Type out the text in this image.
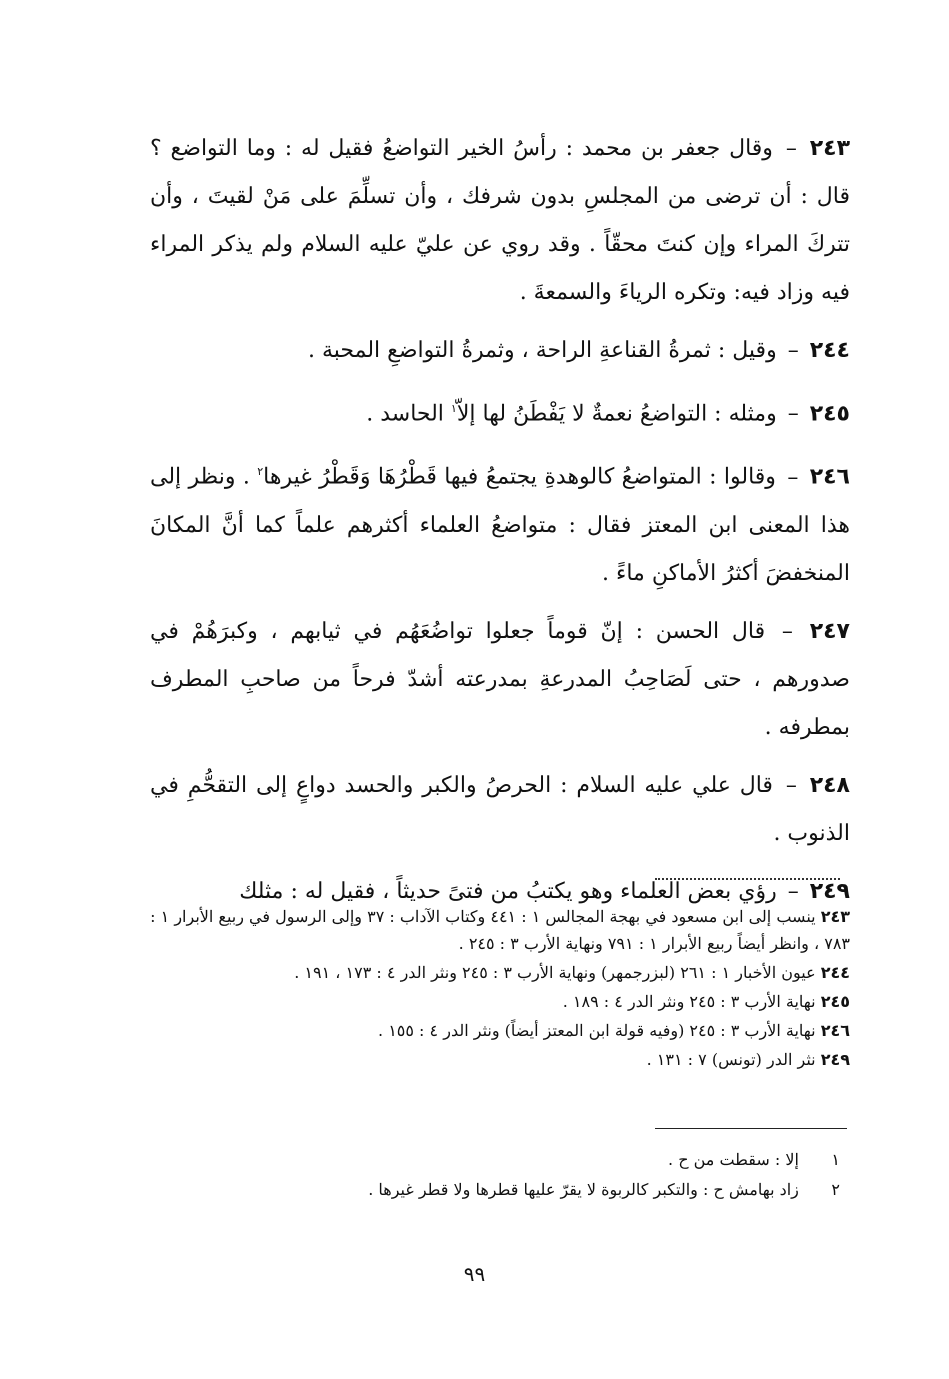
٢٤٣ – وقال جعفر بن محمد : رأسُ الخير التواضعُ فقيل له : وما التواضع ؟ قال : أن ترضى من المجلسِ بدون شرفك ، وأن تسلِّمَ على مَنْ لقيتَ ، وأن تتركَ المراء وإن كنتَ محقّاً . وقد روي عن عليّ عليه السلام ولم يذكر المراء فيه وزاد فيه: وتكره الرياءَ والسمعةَ .

٢٤٤ – وقيل : ثمرةُ القناعةِ الراحة ، وثمرةُ التواضعِ المحبة .

٢٤٥ – ومثله : التواضعُ نعمةٌ لا يَفْطَنُ لها إلاّ$^١$ الحاسد .

٢٤٦ – وقالوا : المتواضعُ كالوهدةِ يجتمعُ فيها قَطْرُهَا وَقَطْرُ غيرها$^٢$ . ونظر إلى هذا المعنى ابن المعتز فقال : متواضعُ العلماء أكثرهم علماً كما أنَّ المكانَ المنخفضَ أكثرُ الأماكنِ ماءً .

٢٤٧ – قال الحسن : إنّ قوماً جعلوا تواضُعَهُم في ثيابهم ، وكبرَهُمْ في صدورهم ، حتى لَصَاحِبُ المدرعةِ بمدرعته أشدّ فرحاً من صاحبِ المطرف بمطرفه .

٢٤٨ – قال علي عليه السلام : الحرصُ والكبر والحسد دواعٍ إلى التقحُّمِ في الذنوب .

٢٤٩ – رؤي بعض العلماء وهو يكتبُ من فتىً حديثاً ، فقيل له : مثلك

٢٤٣ ينسب إلى ابن مسعود في بهجة المجالس ١ : ٤٤١ وكتاب الآداب : ٣٧ وإلى الرسول في ربيع الأبرار ١ : ٧٨٣ ، وانظر أيضاً ربيع الأبرار ١ : ٧٩١ ونهاية الأرب ٣ : ٢٤٥ .

٢٤٤ عيون الأخبار ١ : ٢٦١ (لبزرجمهر) ونهاية الأرب ٣ : ٢٤٥ ونثر الدر ٤ : ١٧٣ ، ١٩١ .

٢٤٥ نهاية الأرب ٣ : ٢٤٥ ونثر الدر ٤ : ١٨٩ .

٢٤٦ نهاية الأرب ٣ : ٢٤٥ (وفيه قولة ابن المعتز أيضاً) ونثر الدر ٤ : ١٥٥ .

٢٤٩ نثر الدر (تونس) ٧ : ١٣١ .

١ إلا : سقطت من ح .
٢ زاد بهامش ح : والتكبر كالربوة لا يقرّ عليها قطرها ولا قطر غيرها .
٩٩
